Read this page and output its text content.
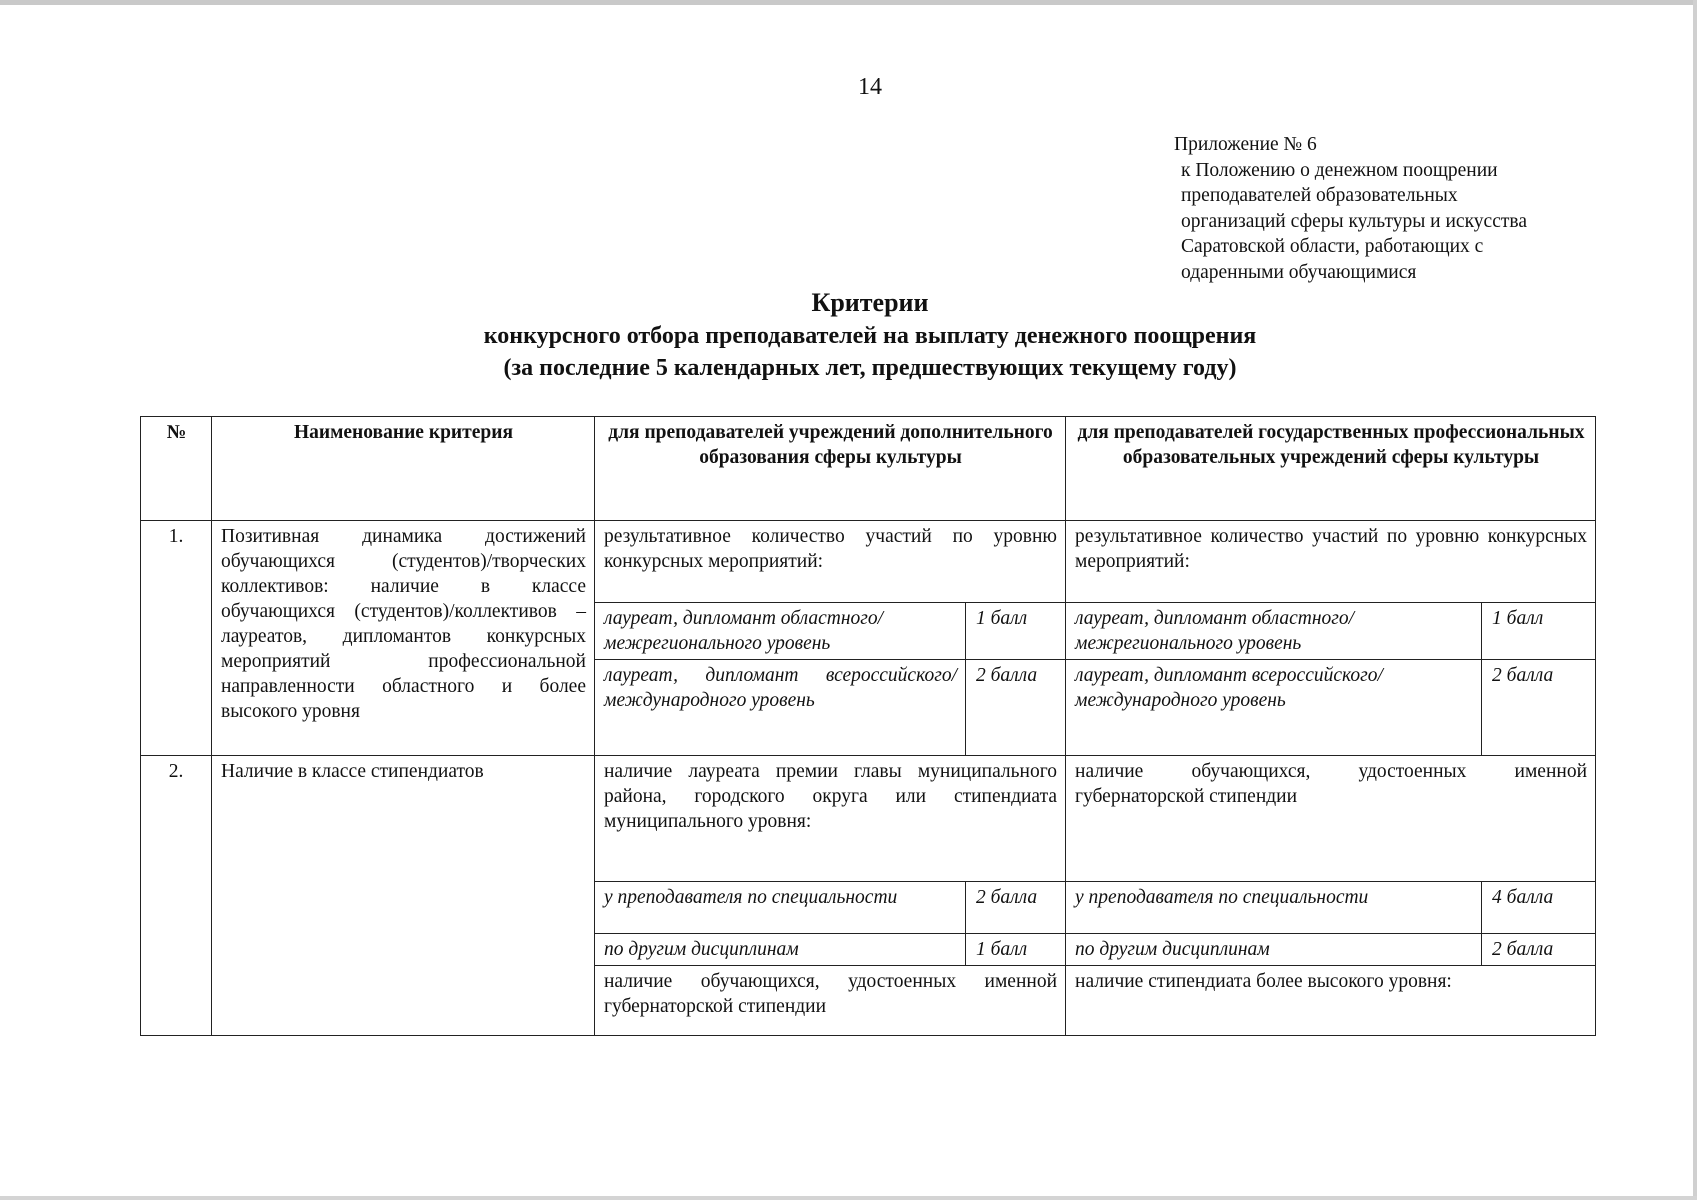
14
Приложение № 6
к Положению о денежном поощрении
преподавателей образовательных
организаций сферы культуры и искусства
Саратовской области, работающих с
одаренными обучающимися
Критерии
конкурсного отбора преподавателей на выплату денежного поощрения
(за последние 5 календарных лет, предшествующих текущему году)
№	Наименование критерия	для преподавателей учреждений дополнительного образования сферы культуры		для преподавателей государственных профессиональных образовательных учреждений сферы культуры	
1.	Позитивная динамика достижений обучающихся (студентов)/творческих коллективов: наличие в классе обучающихся (студентов)/коллективов – лауреатов, дипломантов конкурсных мероприятий профессиональной направленности областного и более высокого уровня	результативное количество участий по уровню конкурсных мероприятий:		результативное количество участий по уровню конкурсных мероприятий:	
		лауреат, дипломант областного/ межрегионального уровень	1 балл	лауреат, дипломант областного/ межрегионального уровень	1 балл
		лауреат, дипломант всероссийского/международного уровень	2 балла	лауреат, дипломант всероссийского/международного уровень	2 балла
2.	Наличие в классе стипендиатов	наличие лауреата премии главы муниципального района, городского округа или стипендиата муниципального уровня:		наличие обучающихся, удостоенных именной губернаторской стипендии	
		у преподавателя по специальности	2 балла	у преподавателя по специальности	4 балла
		по другим дисциплинам	1 балл	по другим дисциплинам	2 балла
		наличие обучающихся, удостоенных именной губернаторской стипендии		наличие стипендиата более высокого уровня:	
